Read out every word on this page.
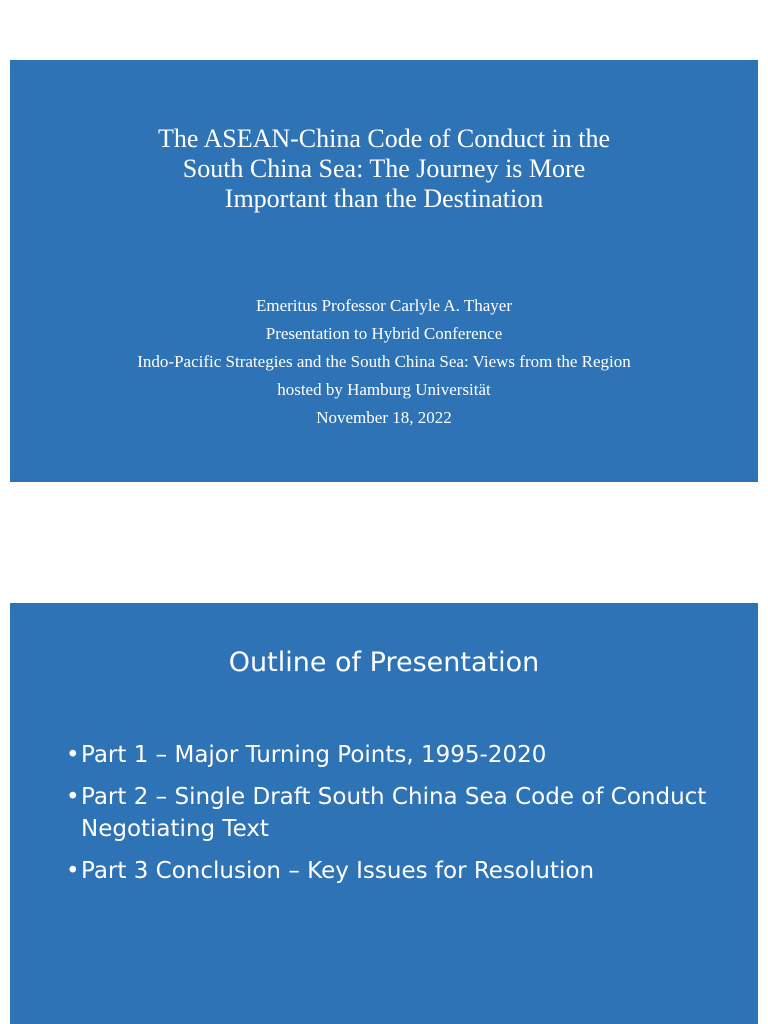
The ASEAN-China Code of Conduct in the
South China Sea: The Journey is More
Important than the Destination
Emeritus Professor Carlyle A. Thayer
Presentation to Hybrid Conference
Indo-Pacific Strategies and the South China Sea: Views from the Region
hosted by Hamburg Universität
November 18, 2022
Outline of Presentation
• Part 1 – Major Turning Points, 1995-2020
• Part 2 – Single Draft South China Sea Code of Conduct Negotiating Text
• Part 3 Conclusion – Key Issues for Resolution
